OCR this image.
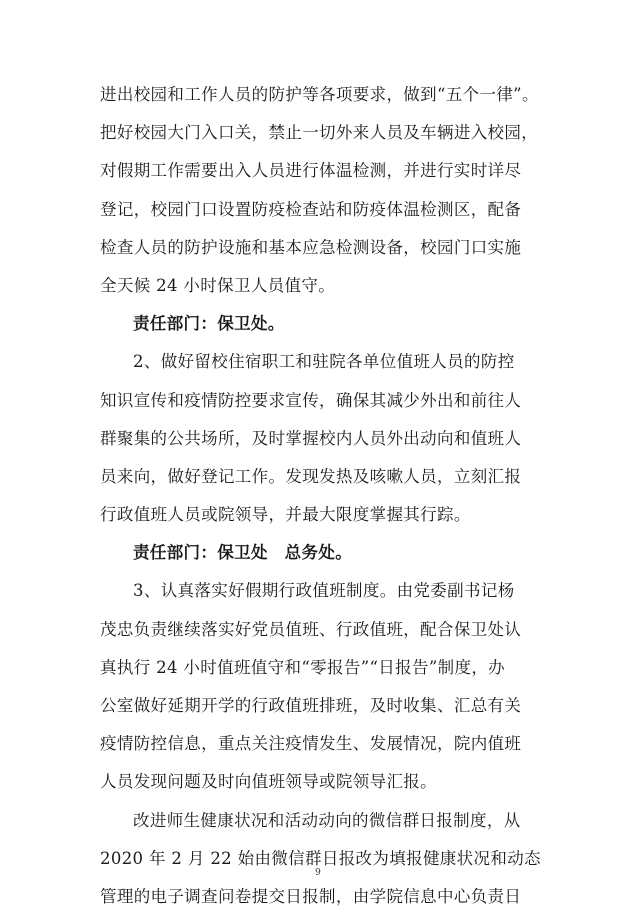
进出校园和工作人员的防护等各项要求，做到“五个一律”。
把好校园大门入口关，禁止一切外来人员及车辆进入校园，
对假期工作需要出入人员进行体温检测，并进行实时详尽
登记，校园门口设置防疫检查站和防疫体温检测区，配备
检查人员的防护设施和基本应急检测设备，校园门口实施
全天候 24 小时保卫人员值守。
责任部门：保卫处。
2、做好留校住宿职工和驻院各单位值班人员的防控
知识宣传和疫情防控要求宣传，确保其减少外出和前往人
群聚集的公共场所，及时掌握校内人员外出动向和值班人
员来向，做好登记工作。发现发热及咳嗽人员，立刻汇报
行政值班人员或院领导，并最大限度掌握其行踪。
责任部门：保卫处　总务处。
3、认真落实好假期行政值班制度。由党委副书记杨
茂忠负责继续落实好党员值班、行政值班，配合保卫处认
真执行 24 小时值班值守和“零报告”“日报告”制度，办
公室做好延期开学的行政值班排班，及时收集、汇总有关
疫情防控信息，重点关注疫情发生、发展情况，院内值班
人员发现问题及时向值班领导或院领导汇报。
改进师生健康状况和活动动向的微信群日报制度，从
2020 年 2 月 22 始由微信群日报改为填报健康状况和动态
管理的电子调查问卷提交日报制，由学院信息中心负责日
9
